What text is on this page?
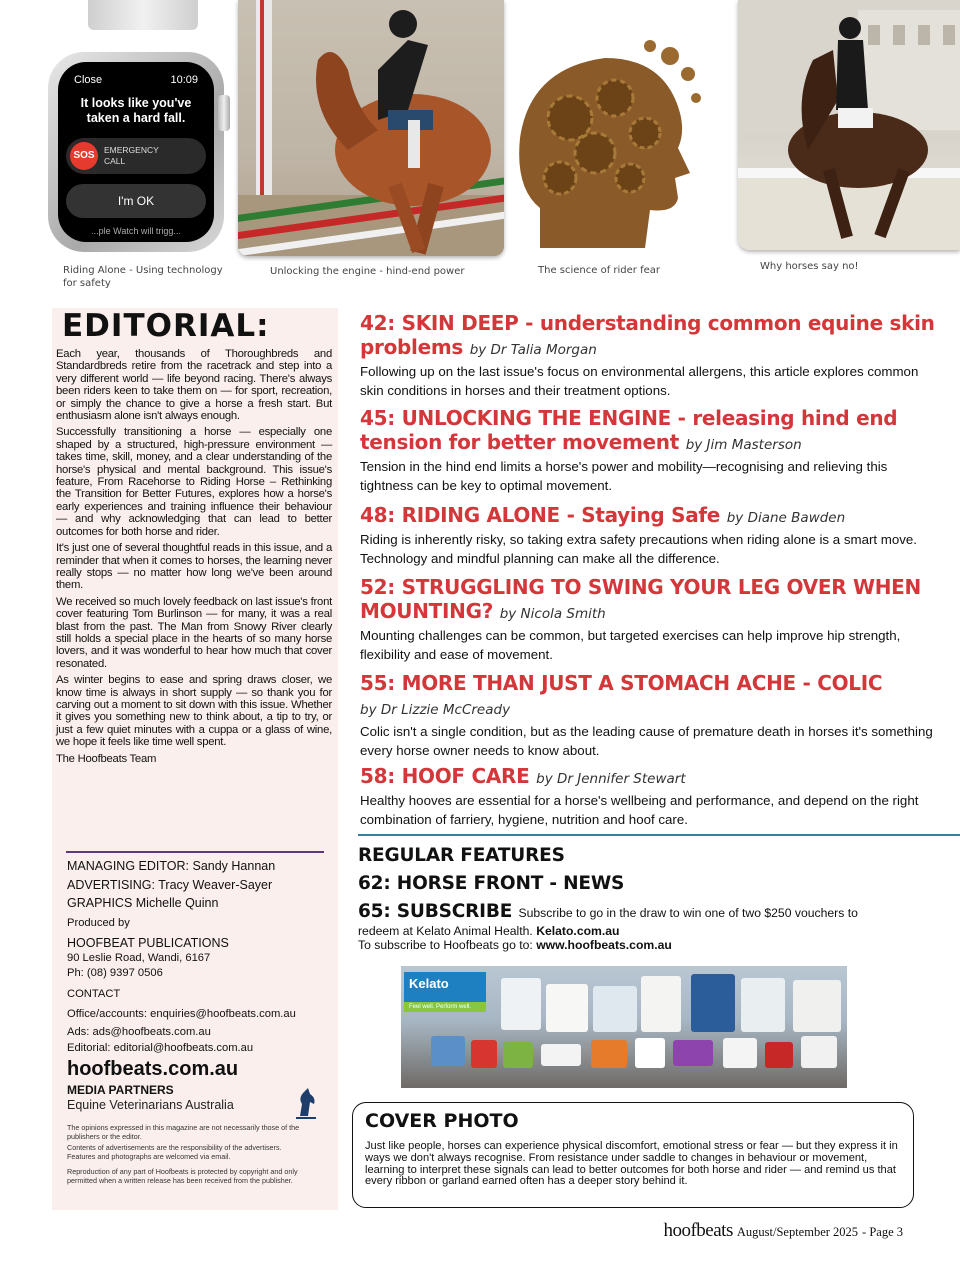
Close	10:09
It looks like you've taken a hard fall.
SOS	EMERGENCY CALL
I'm OK
...ple Watch will trigg...
Riding Alone - Using technology for safety
Unlocking the engine - hind-end power	The science of rider fear	Why horses say no!
EDITORIAL:

Each year, thousands of Thoroughbreds and Standardbreds retire from the racetrack and step into a very different world — life beyond racing. There's always been riders keen to take them on — for sport, recreation, or simply the chance to give a horse a fresh start. But enthusiasm alone isn't always enough.

Successfully transitioning a horse — especially one shaped by a structured, high-pressure environment — takes time, skill, money, and a clear understanding of the horse's physical and mental background. This issue's feature, From Racehorse to Riding Horse – Rethinking the Transition for Better Futures, explores how a horse's early experiences and training influence their behaviour — and why acknowledging that can lead to better outcomes for both horse and rider.

It's just one of several thoughtful reads in this issue, and a reminder that when it comes to horses, the learning never really stops — no matter how long we've been around them.

We received so much lovely feedback on last issue's front cover featuring Tom Burlinson — for many, it was a real blast from the past. The Man from Snowy River clearly still holds a special place in the hearts of so many horse lovers, and it was wonderful to hear how much that cover resonated.

As winter begins to ease and spring draws closer, we know time is always in short supply — so thank you for carving out a moment to sit down with this issue. Whether it gives you something new to think about, a tip to try, or just a few quiet minutes with a cuppa or a glass of wine, we hope it feels like time well spent.

The Hoofbeats Team

MANAGING EDITOR: Sandy Hannan
ADVERTISING: Tracy Weaver-Sayer
GRAPHICS Michelle Quinn
Produced by
HOOFBEAT PUBLICATIONS
90 Leslie Road, Wandi, 6167
Ph: (08) 9397 0506
CONTACT
Office/accounts: enquiries@hoofbeats.com.au
Ads: ads@hoofbeats.com.au
Editorial: editorial@hoofbeats.com.au
hoofbeats.com.au
MEDIA PARTNERS
Equine Veterinarians Australia
The opinions expressed in this magazine are not necessarily those of the publishers or the editor.
Contents of advertisements are the responsibility of the advertisers.
Features and photographs are welcomed via email.
Reproduction of any part of Hoofbeats is protected by copyright and only permitted when a written release has been received from the publisher.
42: SKIN DEEP - understanding common equine skin problems by Dr Talia Morgan
Following up on the last issue's focus on environmental allergens, this article explores common skin conditions in horses and their treatment options.
45: UNLOCKING THE ENGINE - releasing hind end tension for better movement by Jim Masterson
Tension in the hind end limits a horse's power and mobility—recognising and relieving this tightness can be key to optimal movement.
48: RIDING ALONE - Staying Safe by Diane Bawden
Riding is inherently risky, so taking extra safety precautions when riding alone is a smart move. Technology and mindful planning can make all the difference.
52: STRUGGLING TO SWING YOUR LEG OVER WHEN MOUNTING? by Nicola Smith
Mounting challenges can be common, but targeted exercises can help improve hip strength, flexibility and ease of movement.
55: MORE THAN JUST A STOMACH ACHE - COLIC
by Dr Lizzie McCready
Colic isn't a single condition, but as the leading cause of premature death in horses it's something every horse owner needs to know about.
58: HOOF CARE by Dr Jennifer Stewart
Healthy hooves are essential for a horse's wellbeing and performance, and depend on the right combination of farriery, hygiene, nutrition and hoof care.
REGULAR FEATURES
62: HORSE FRONT - NEWS
65: SUBSCRIBE Subscribe to go in the draw to win one of two $250 vouchers to
redeem at Kelato Animal Health. Kelato.com.au
To subscribe to Hoofbeats go to: www.hoofbeats.com.au
Kelato
Feel well. Perform well.
COVER PHOTO
Just like people, horses can experience physical discomfort, emotional stress or fear — but they express it in ways we don't always recognise. From resistance under saddle to changes in behaviour or movement, learning to interpret these signals can lead to better outcomes for both horse and rider — and remind us that every ribbon or garland earned often has a deeper story behind it.
hoofbeats August/September 2025 - Page 3
